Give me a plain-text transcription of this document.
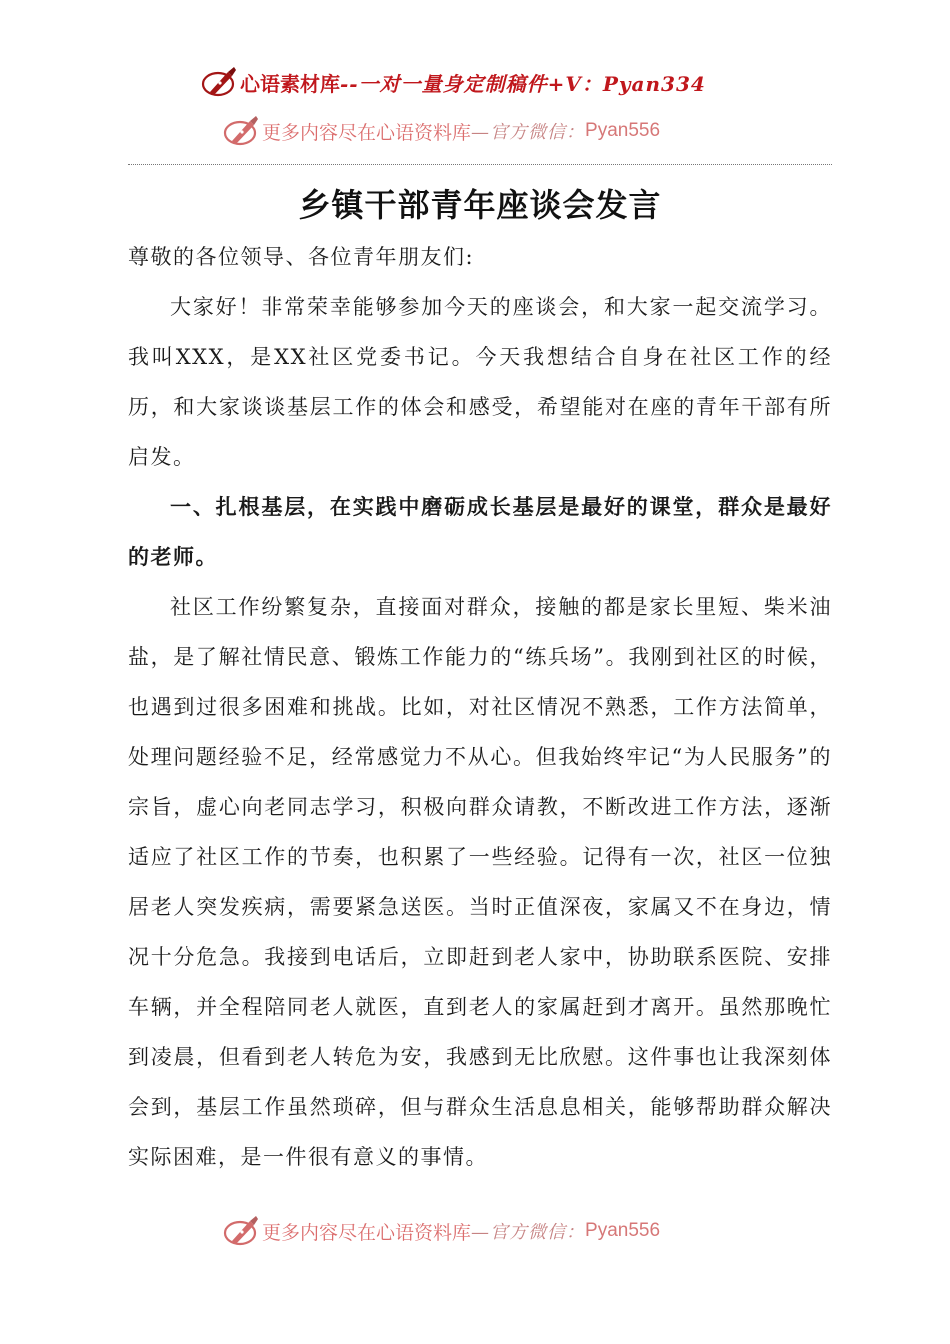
心语素材库 --一对一量身定制稿件+V：Pyan334
更多内容尽在心语资料库 —官方微信： Pyan556
乡镇干部青年座谈会发言

尊敬的各位领导、各位青年朋友们:

大家好！非常荣幸能够参加今天的座谈会，和大家一起交流学习。我叫XXX，是XX社区党委书记。今天我想结合自身在社区工作的经历，和大家谈谈基层工作的体会和感受，希望能对在座的青年干部有所启发。

一、扎根基层，在实践中磨砺成长基层是最好的课堂，群众是最好的老师。

社区工作纷繁复杂，直接面对群众，接触的都是家长里短、柴米油盐，是了解社情民意、锻炼工作能力的“练兵场”。我刚到社区的时候，也遇到过很多困难和挑战。比如，对社区情况不熟悉，工作方法简单，处理问题经验不足，经常感觉力不从心。但我始终牢记“为人民服务”的宗旨，虚心向老同志学习，积极向群众请教，不断改进工作方法，逐渐适应了社区工作的节奏，也积累了一些经验。记得有一次，社区一位独居老人突发疾病，需要紧急送医。当时正值深夜，家属又不在身边，情况十分危急。我接到电话后，立即赶到老人家中，协助联系医院、安排车辆，并全程陪同老人就医，直到老人的家属赶到才离开。虽然那晚忙到凌晨，但看到老人转危为安，我感到无比欣慰。这件事也让我深刻体会到，基层工作虽然琐碎，但与群众生活息息相关，能够帮助群众解决实际困难，是一件很有意义的事情。

更多内容尽在心语资料库 —官方微信： Pyan556
